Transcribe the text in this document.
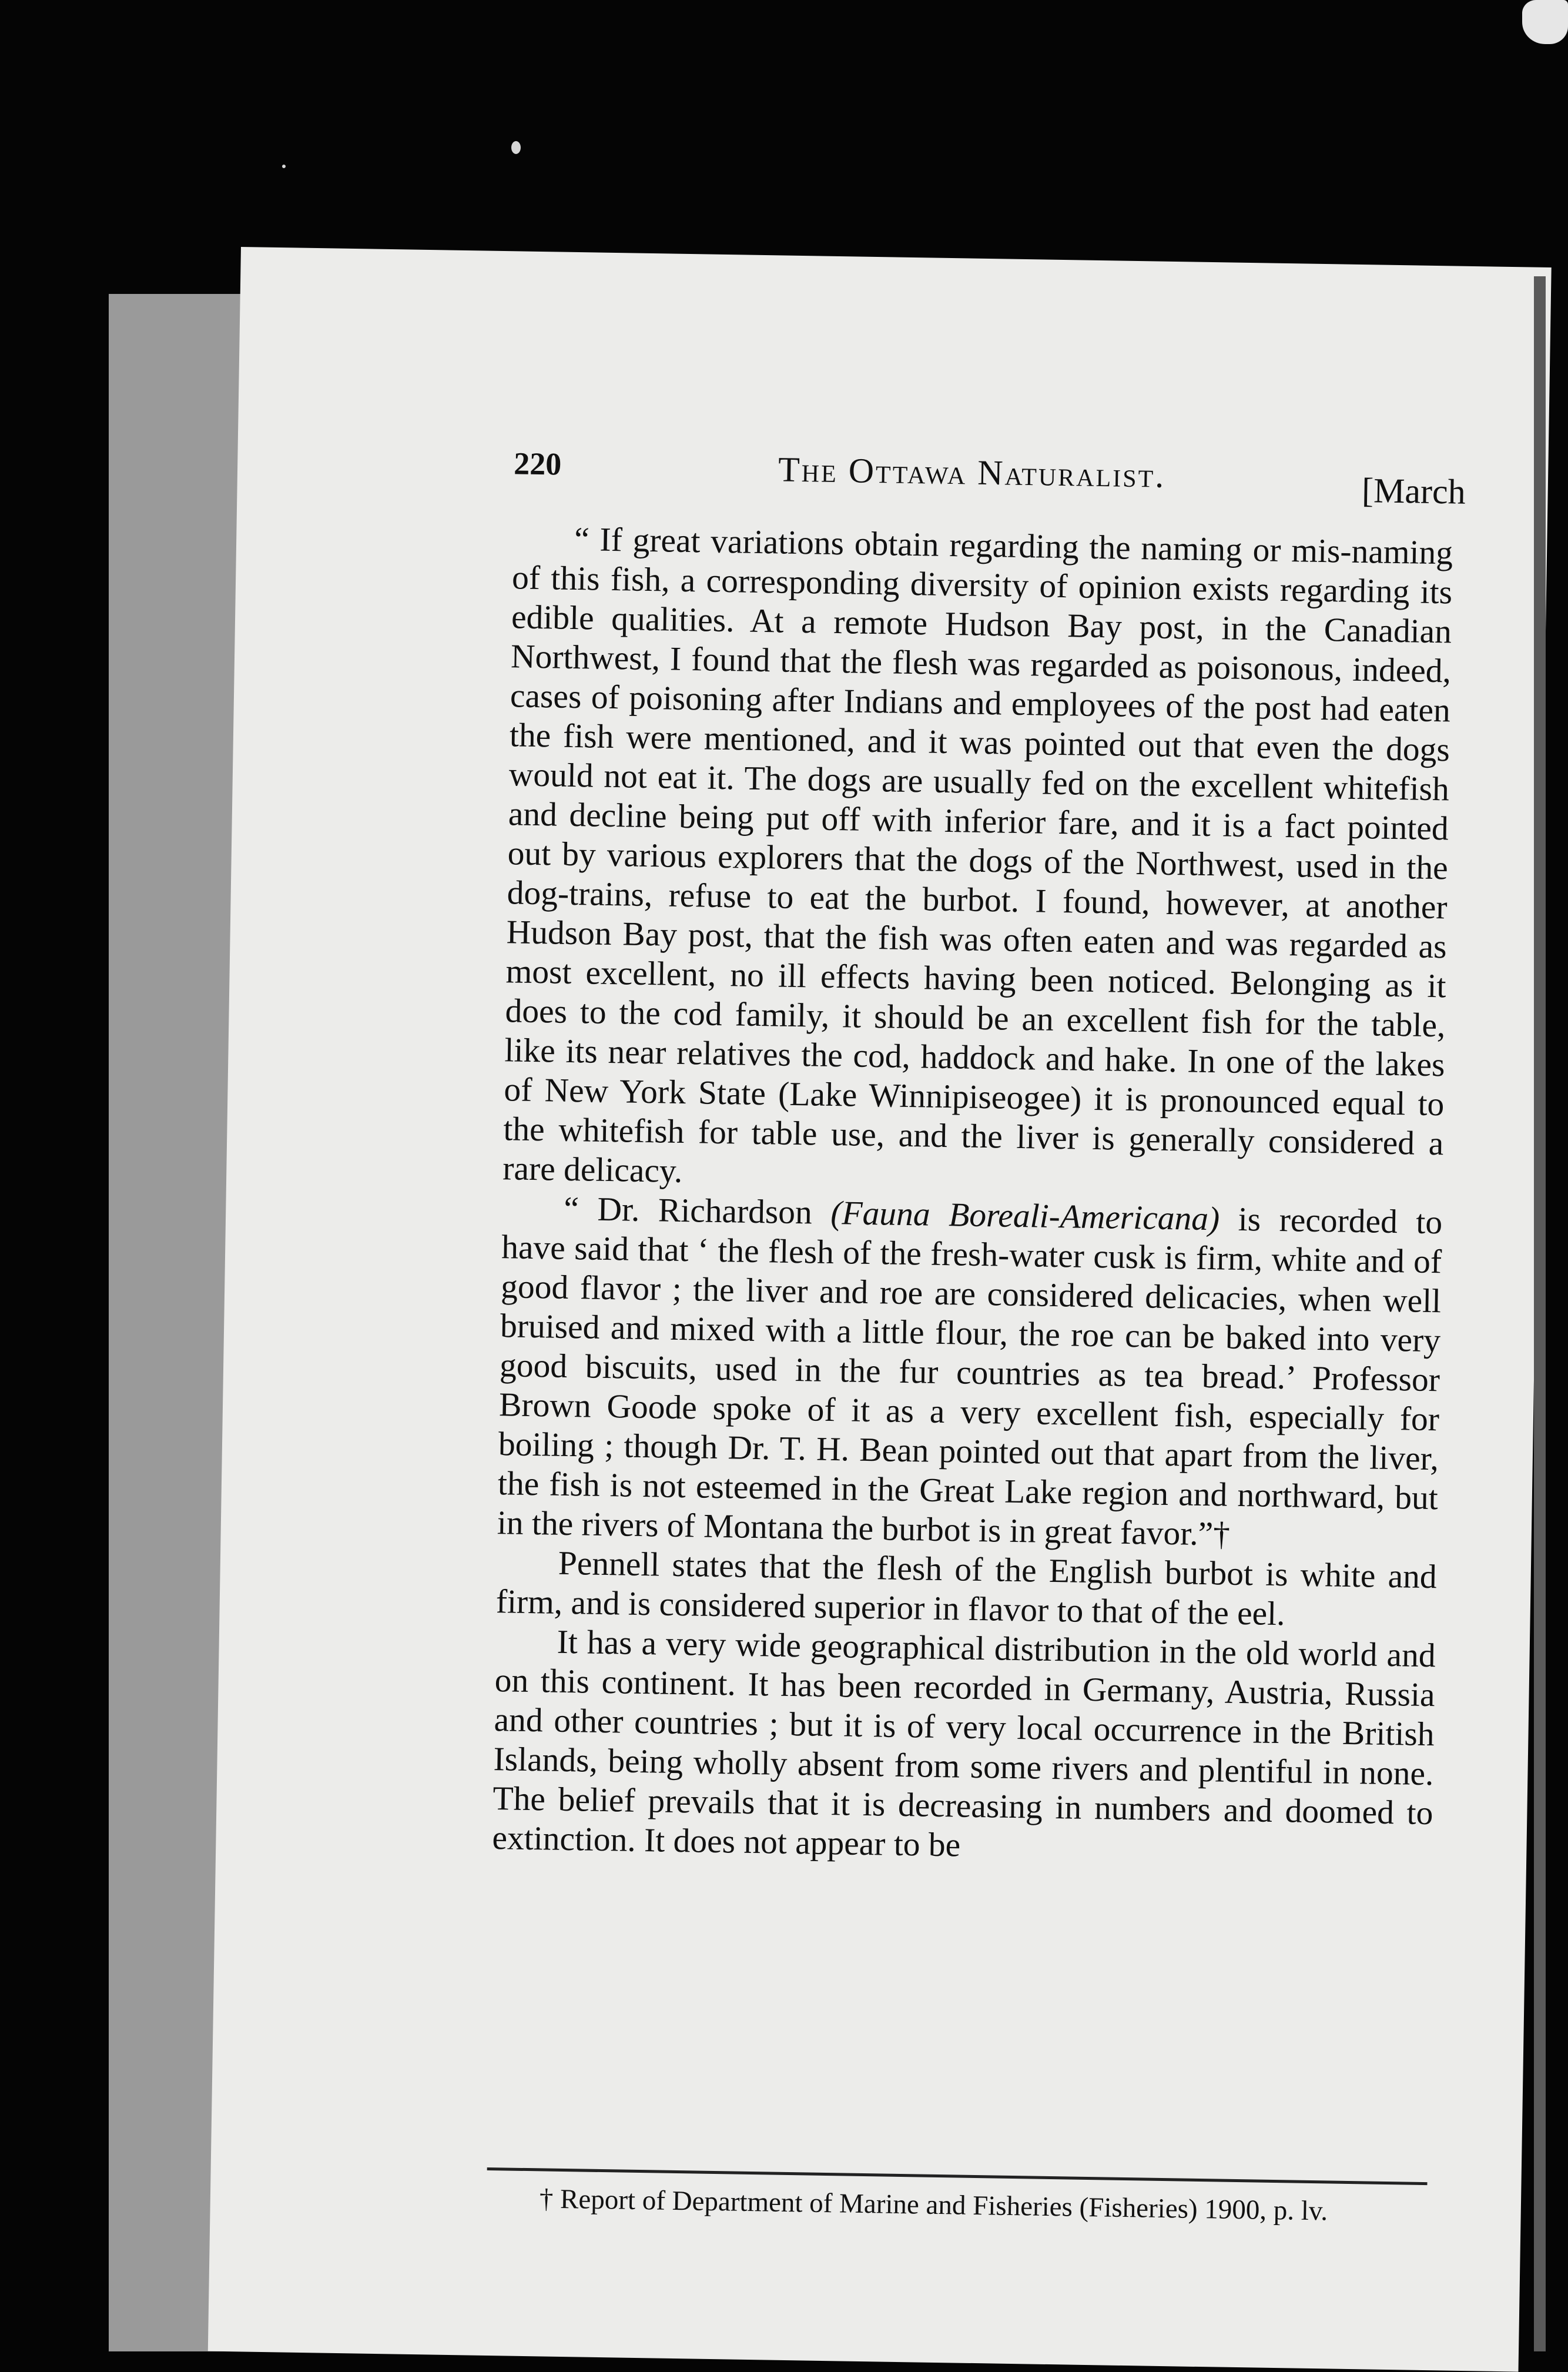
220	The Ottawa Naturalist.	[March

“ If great variations obtain regarding the naming or mis-naming of this fish, a corresponding diversity of opinion exists regarding its edible qualities. At a remote Hudson Bay post, in the Canadian Northwest, I found that the flesh was regarded as poisonous, indeed, cases of poisoning after Indians and employees of the post had eaten the fish were mentioned, and it was pointed out that even the dogs would not eat it. The dogs are usually fed on the excellent whitefish and decline being put off with inferior fare, and it is a fact pointed out by various explorers that the dogs of the Northwest, used in the dog-trains, refuse to eat the burbot. I found, however, at another Hudson Bay post, that the fish was often eaten and was regarded as most excellent, no ill effects having been noticed. Belonging as it does to the cod family, it should be an excellent fish for the table, like its near relatives the cod, haddock and hake. In one of the lakes of New York State (Lake Winnipiseogee) it is pronounced equal to the whitefish for table use, and the liver is generally considered a rare delicacy.

“ Dr. Richardson (Fauna Boreali-Americana) is recorded to have said that ‘ the flesh of the fresh-water cusk is firm, white and of good flavor ; the liver and roe are considered delicacies, when well bruised and mixed with a little flour, the roe can be baked into very good biscuits, used in the fur countries as tea bread.’ Professor Brown Goode spoke of it as a very excellent fish, especially for boiling ; though Dr. T. H. Bean pointed out that apart from the liver, the fish is not esteemed in the Great Lake region and northward, but in the rivers of Montana the burbot is in great favor.”†

Pennell states that the flesh of the English burbot is white and firm, and is considered superior in flavor to that of the eel.

It has a very wide geographical distribution in the old world and on this continent. It has been recorded in Germany, Austria, Russia and other countries ; but it is of very local occurrence in the British Islands, being wholly absent from some rivers and plentiful in none. The belief prevails that it is decreasing in numbers and doomed to extinction. It does not appear to be

† Report of Department of Marine and Fisheries (Fisheries) 1900, p. lv.
